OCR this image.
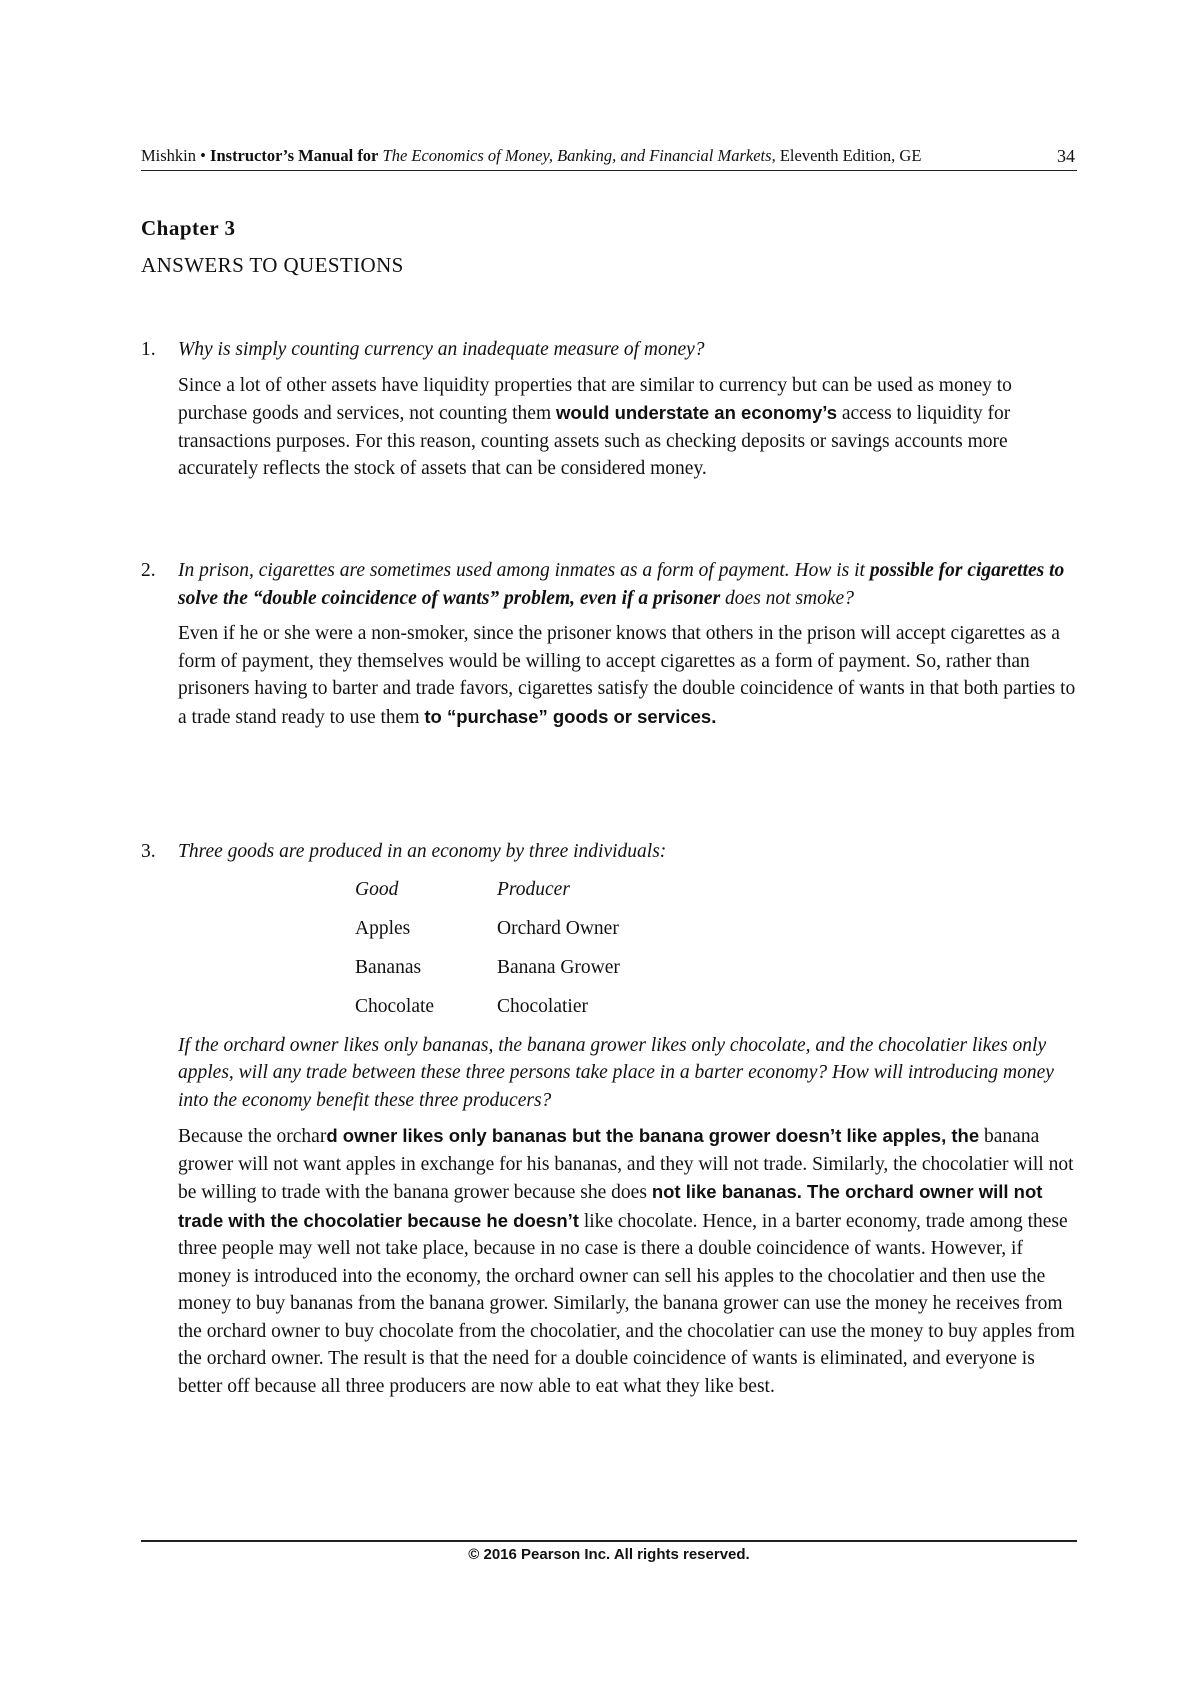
Mishkin • Instructor’s Manual for The Economics of Money, Banking, and Financial Markets, Eleventh Edition, GE	34
Chapter 3
ANSWERS TO QUESTIONS
1. Why is simply counting currency an inadequate measure of money?
Since a lot of other assets have liquidity properties that are similar to currency but can be used as money to purchase goods and services, not counting them would understate an economy’s access to liquidity for transactions purposes. For this reason, counting assets such as checking deposits or savings accounts more accurately reflects the stock of assets that can be considered money.
2. In prison, cigarettes are sometimes used among inmates as a form of payment. How is it possible for cigarettes to solve the “double coincidence of wants” problem, even if a prisoner does not smoke?
Even if he or she were a non-smoker, since the prisoner knows that others in the prison will accept cigarettes as a form of payment, they themselves would be willing to accept cigarettes as a form of payment. So, rather than prisoners having to barter and trade favors, cigarettes satisfy the double coincidence of wants in that both parties to a trade stand ready to use them to “purchase” goods or services.
3. Three goods are produced in an economy by three individuals:
Good	Producer
Apples	Orchard Owner
Bananas	Banana Grower
Chocolate	Chocolatier
If the orchard owner likes only bananas, the banana grower likes only chocolate, and the chocolatier likes only apples, will any trade between these three persons take place in a barter economy? How will introducing money into the economy benefit these three producers?
Because the orchard owner likes only bananas but the banana grower doesn’t like apples, the banana grower will not want apples in exchange for his bananas, and they will not trade. Similarly, the chocolatier will not be willing to trade with the banana grower because she does not like bananas. The orchard owner will not trade with the chocolatier because he doesn’t like chocolate. Hence, in a barter economy, trade among these three people may well not take place, because in no case is there a double coincidence of wants. However, if money is introduced into the economy, the orchard owner can sell his apples to the chocolatier and then use the money to buy bananas from the banana grower. Similarly, the banana grower can use the money he receives from the orchard owner to buy chocolate from the chocolatier, and the chocolatier can use the money to buy apples from the orchard owner. The result is that the need for a double coincidence of wants is eliminated, and everyone is better off because all three producers are now able to eat what they like best.
© 2016 Pearson Inc. All rights reserved.
